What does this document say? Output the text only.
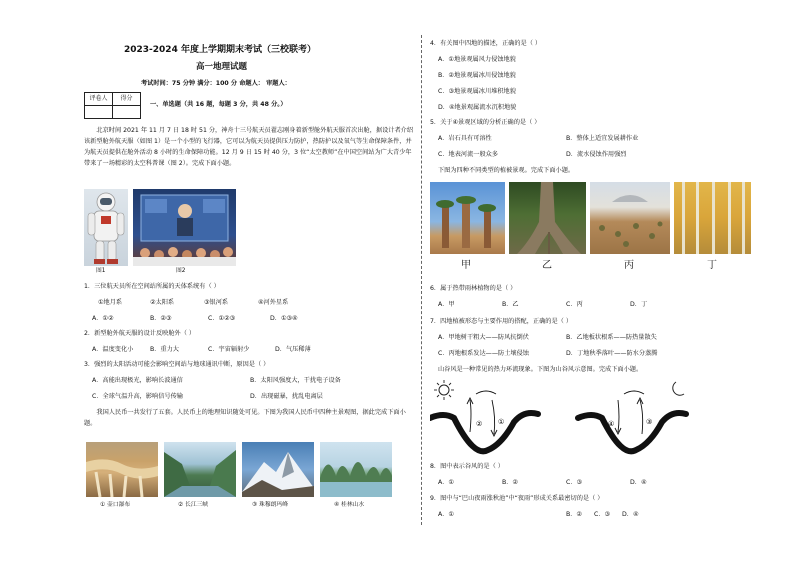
2023-2024 年度上学期期末考试（三校联考）
高一地理试题
考试时间：75 分钟 满分：100 分 命题人： 审题人：
评卷人	得分

一、单选题（共 16 题，每题 3 分，共 48 分。）
北京时间 2021 年 11 月 7 日 18 时 51 分，神舟十三号航天员翟志刚身着新型舱外航天服首次出舱，据设计者介绍该新型舱外航天服（如图 1）是一个小型的飞行器，它可以为航天员提供压力防护，热防护以及氧气等生命保障条件，并为航天员提供在舱外活动 8 小时的生命保障功能。12 月 9 日 15 时 40 分，3 位“太空教师”在中国空间站为广大青少年带来了一场精彩的太空科普课（图 2）。完成下面小题。
图1	图2
1．三位航天员所在空间站所属的天体系统有（ ）
①地月系	②太阳系	③银河系	④河外星系
A．①②	B．②③	C．①②③	D．①③④
2．新型舱外航天服的设计反映舱外（ ）
A．温度变化小	B．重力大	C．宇宙辐射少	D．气压稀薄
3．强烈的太阳活动可能会影响空间站与地球通讯中断，原因是（ ）
A．高能出现极光，影响长波通信	B．太阳风强度大，干扰电子设备
C．全球气温升高，影响信号传输	D．出现磁暴，扰乱电离层
我国人民币一共发行了五套。人民币上的地理知识随处可见。下图为我国人民币中四种主景观图，据此完成下面小题。
① 壶口瀑布	② 长江三峡	③ 珠穆朗玛峰	④ 桂林山水
4．有关图中四地的描述，正确的是（ ）
A．①地景观属风力侵蚀地貌
B．②地景观属冰川侵蚀地貌
C．③地景观属冰川堆积地貌
D．④地景观属流水沉积地貌
5．关于④景观区域的分析正确的是（ ）
A．岩石具有可溶性	B．整体上适宜发展耕作业
C．地表河流一般众多	D．流水侵蚀作用强烈
下图为四种不同类型的植被景观。完成下面小题。
甲	乙	丙	丁
6．属于热带雨林植物的是（ ）
A．甲	B．乙	C．丙	D．丁
7．四地植被形态与主要作用的搭配，正确的是（ ）
A．甲地树干粗大——防风抗倒伏	B．乙地板状根系——防热量散失
C．丙地根系发达——防土壤侵蚀	D．丁地秋季落叶——防水分蒸腾
山谷风是一种常见的热力环流现象。下图为山谷风示意图。完成下面小题。
② ①	④	③
8．图中表示谷风的是（ ）
A．①	B．②	C．③	D．④
9．图中与“巴山夜雨涨秋池”中“夜雨”形成关系最密切的是（ ）
A．①	B．② C．③ D．④
